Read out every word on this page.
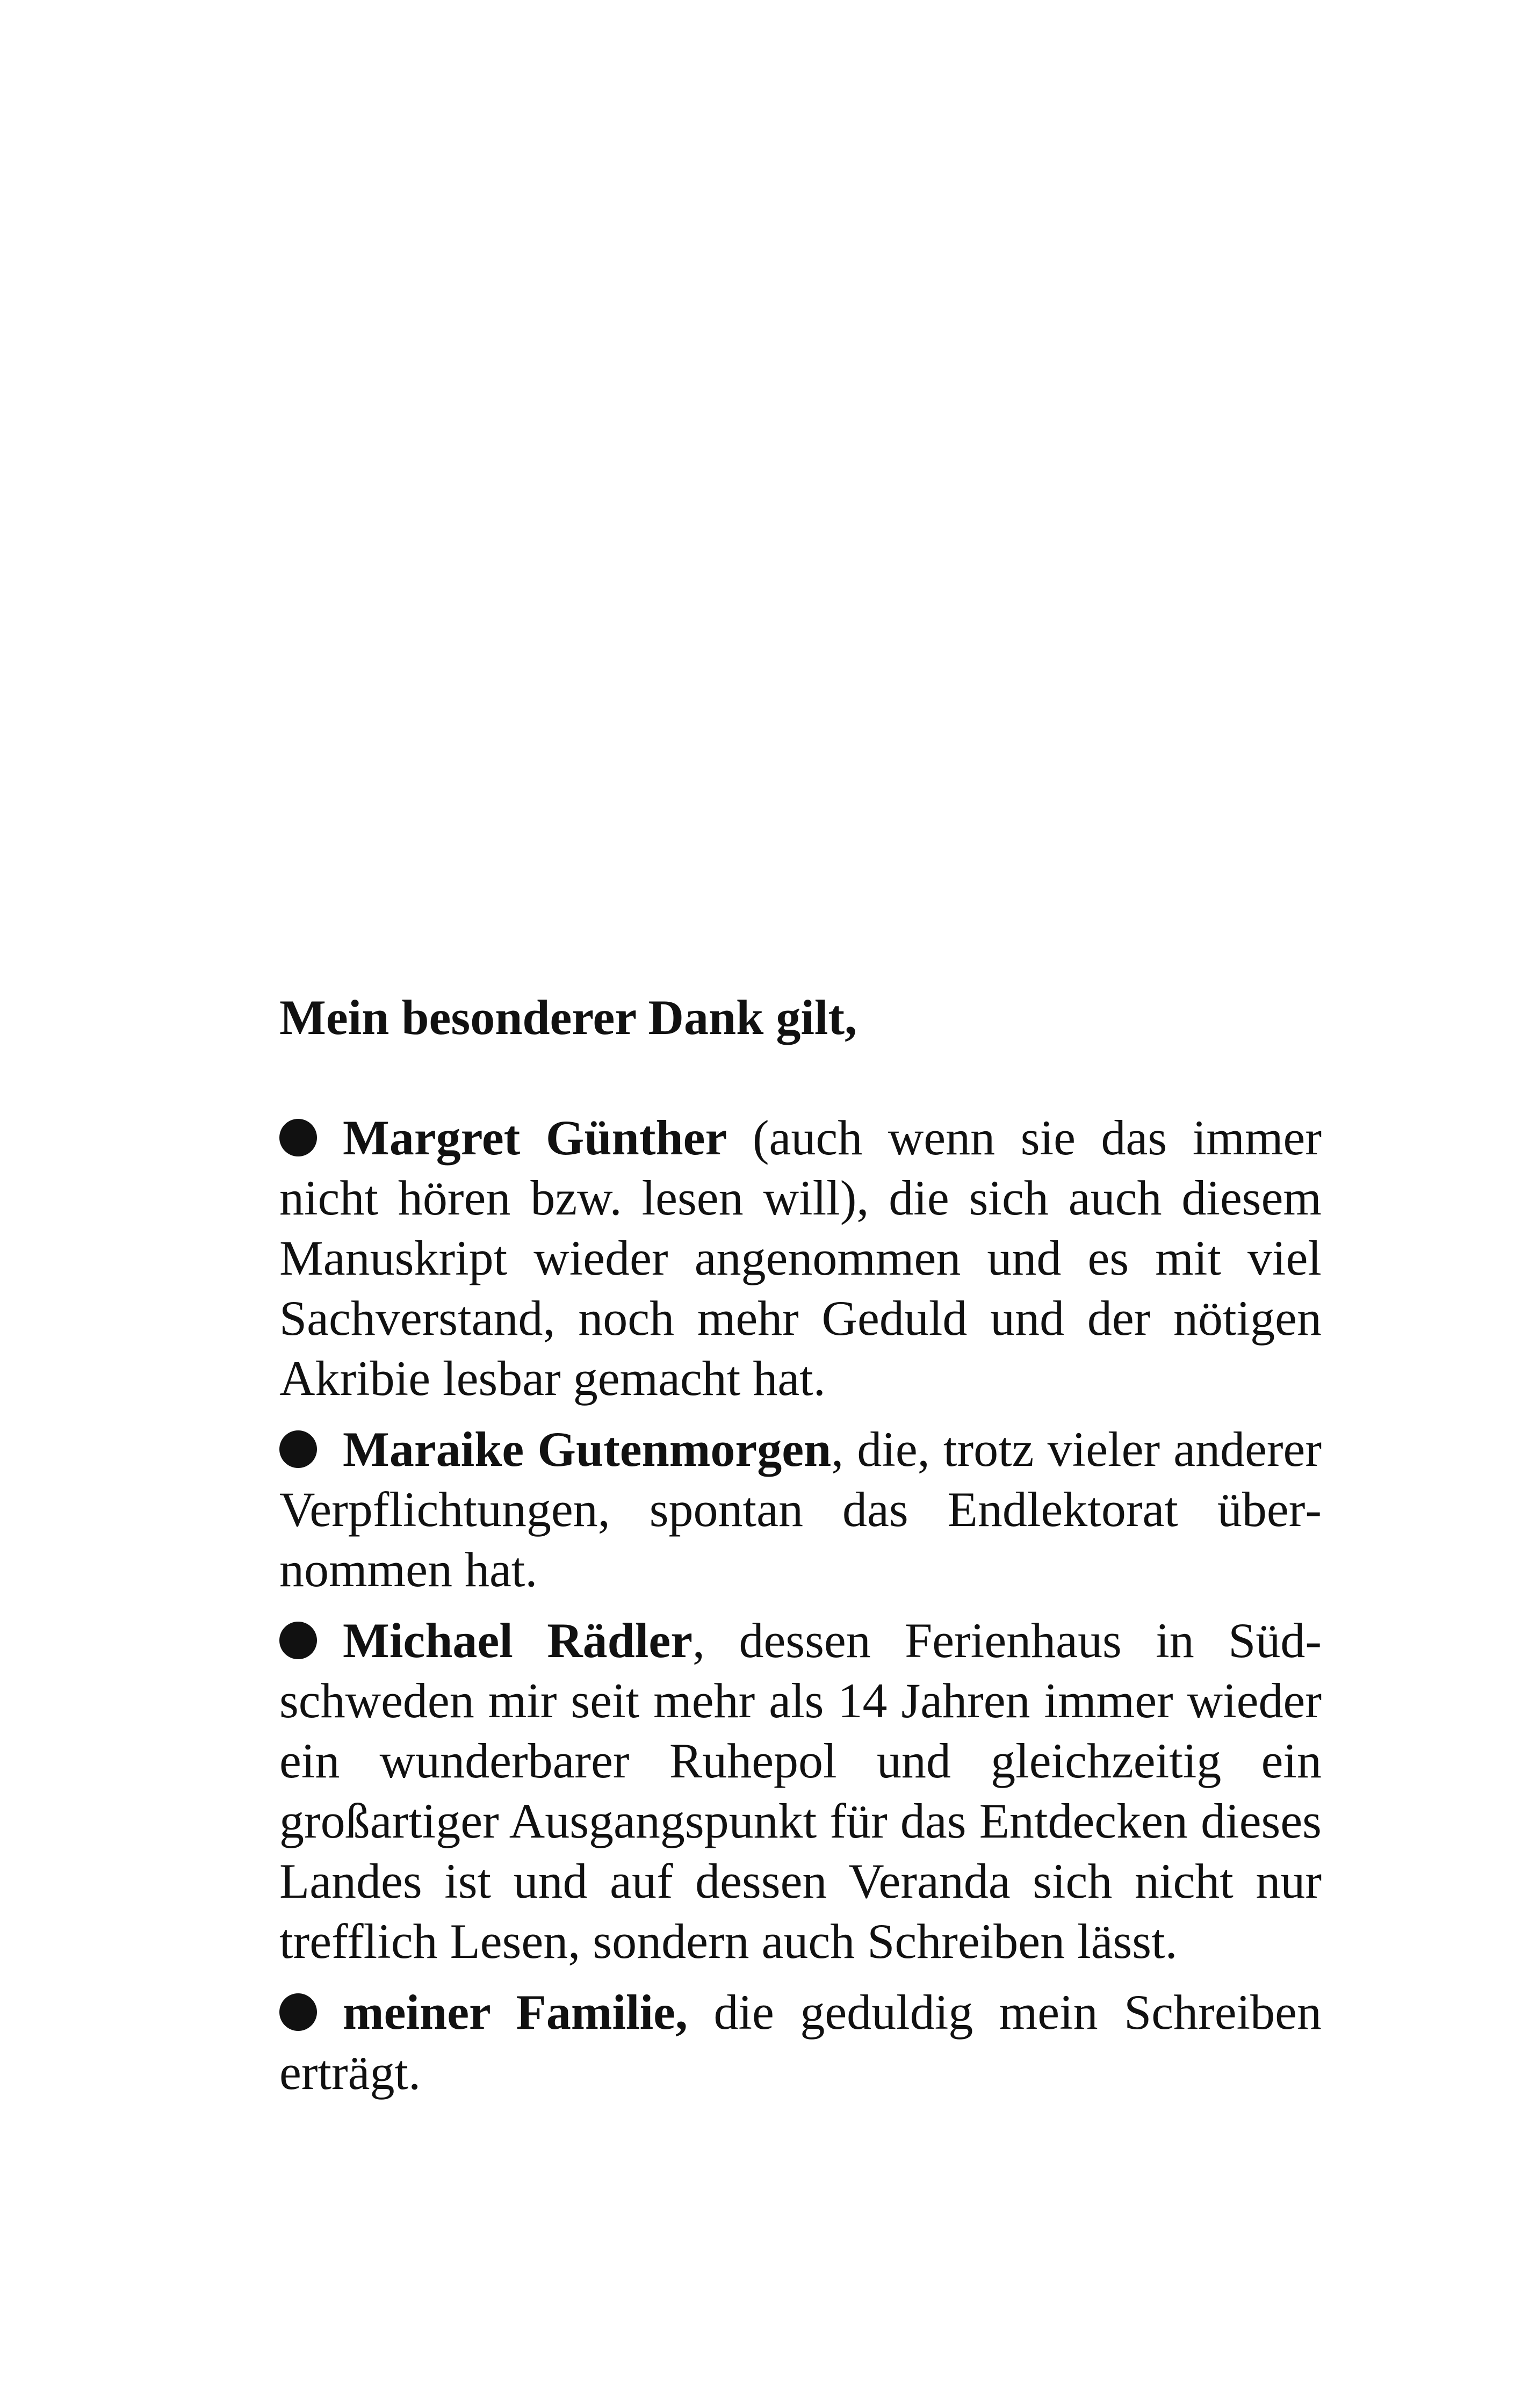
Mein besonderer Dank gilt,

Margret Günther (auch wenn sie das immer nicht hören bzw. lesen will), die sich auch diesem Manuskript wieder angenommen und es mit viel Sachverstand, noch mehr Geduld und der nötigen Akribie lesbar gemacht hat.

Maraike Gutenmorgen, die, trotz vieler anderer Verpflichtungen, spontan das Endlektorat übernommen hat.

Michael Rädler, dessen Ferienhaus in Südschweden mir seit mehr als 14 Jahren immer wieder ein wunderbarer Ruhepol und gleichzeitig ein großartiger Ausgangspunkt für das Entdecken dieses Landes ist und auf dessen Veranda sich nicht nur trefflich Lesen, sondern auch Schreiben lässt.

meiner Familie, die geduldig mein Schreiben erträgt.
